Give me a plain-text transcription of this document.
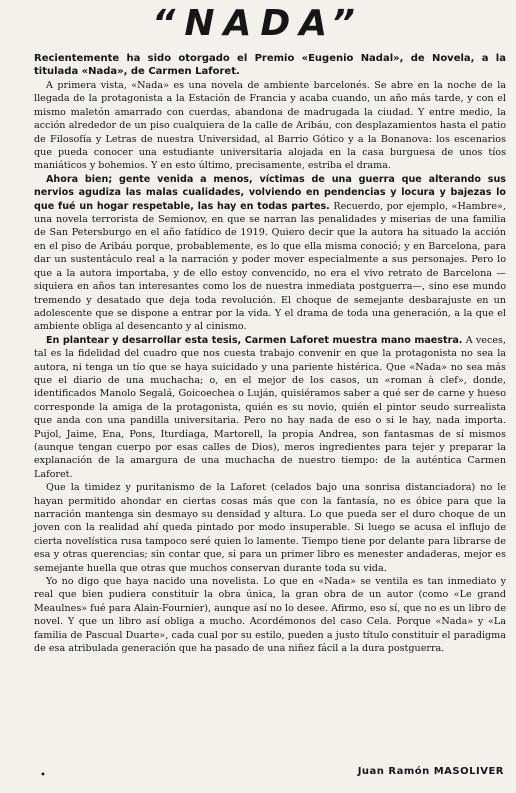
“NADA”

Recientemente ha sido otorgado el Premio «Eugenio Nadal», de Novela, a la titulada «Nada», de Carmen Laforet.

A primera vista, «Nada» es una novela de ambiente barcelonés. Se abre en la noche de la llegada de la protagonista a la Estación de Francia y acaba cuando, un año más tarde, y con el mismo maletón amarrado con cuerdas, abandona de madrugada la ciudad. Y entre medio, la acción alrededor de un piso cualquiera de la calle de Aribáu, con desplazamientos hasta el patio de Filosofía y Letras de nuestra Universidad, al Barrio Gótico y a la Bonanova: los escenarios que pueda conocer una estudiante universitaria alojada en la casa burguesa de unos tíos maniáticos y bohemios. Y en esto último, precisamente, estriba el drama.

Ahora bien; gente venida a menos, víctimas de una guerra que alterando sus nervios agudiza las malas cualidades, volviendo en pendencias y locura y bajezas lo que fué un hogar respetable, las hay en todas partes. Recuerdo, por ejemplo, «Hambre», una novela terrorista de Semionov, en que se narran las penalidades y miserias de una familia de San Petersburgo en el año fatídico de 1919. Quiero decir que la autora ha situado la acción en el piso de Aribáu porque, probablemente, es lo que ella misma conoció; y en Barcelona, para dar un sustentáculo real a la narración y poder mover especialmente a sus personajes. Pero lo que a la autora importaba, y de ello estoy convencido, no era el vivo retrato de Barcelona —siquiera en años tan interesantes como los de nuestra inmediata postguerra—, sino ese mundo tremendo y desatado que deja toda revolución. El choque de semejante desbarajuste en un adolescente que se dispone a entrar por la vida. Y el drama de toda una generación, a la que el ambiente obliga al desencanto y al cinismo.

En plantear y desarrollar esta tesis, Carmen Laforet muestra mano maestra. A veces, tal es la fidelidad del cuadro que nos cuesta trabajo convenir en que la protagonista no sea la autora, ni tenga un tío que se haya suicidado y una pariente histérica. Que «Nada» no sea más que el diario de una muchacha; o, en el mejor de los casos, un «roman à clef», donde, identificados Manolo Segalá, Goicoechea o Luján, quisiéramos saber a qué ser de carne y hueso corresponde la amiga de la protagonista, quién es su novio, quién el pintor seudo surrealista que anda con una pandilla universitaria. Pero no hay nada de eso o si le hay, nada importa. Pujol, Jaime, Ena, Pons, Iturdiaga, Martorell, la propia Andrea, son fantasmas de sí mismos (aunque tengan cuerpo por esas calles de Dios), meros ingredientes para tejer y preparar la explanación de la amargura de una muchacha de nuestro tiempo: de la auténtica Carmen Laforet.

Que la timidez y puritanismo de la Laforet (celados bajo una sonrisa distanciadora) no le hayan permitido ahondar en ciertas cosas más que con la fantasía, no es óbice para que la narración mantenga sin desmayo su densidad y altura. Lo que pueda ser el duro choque de un joven con la realidad ahí queda pintado por modo insuperable. Si luego se acusa el influjo de cierta novelística rusa tampoco seré quien lo lamente. Tiempo tiene por delante para librarse de esa y otras querencias; sin contar que, si para un primer libro es menester andaderas, mejor es semejante huella que otras que muchos conservan durante toda su vida.

Yo no digo que haya nacido una novelista. Lo que en «Nada» se ventila es tan inmediato y real que bien pudiera constituir la obra única, la gran obra de un autor (como «Le grand Meaulnes» fué para Alain-Fournier), aunque así no lo desee. Afirmo, eso sí, que no es un libro de novel. Y que un libro así obliga a mucho. Acordémonos del caso Cela. Porque «Nada» y «La familia de Pascual Duarte», cada cual por su estilo, pueden a justo título constituir el paradigma de esa atribulada generación que ha pasado de una niñez fácil a la dura postguerra.

•	Juan Ramón MASOLIVER
